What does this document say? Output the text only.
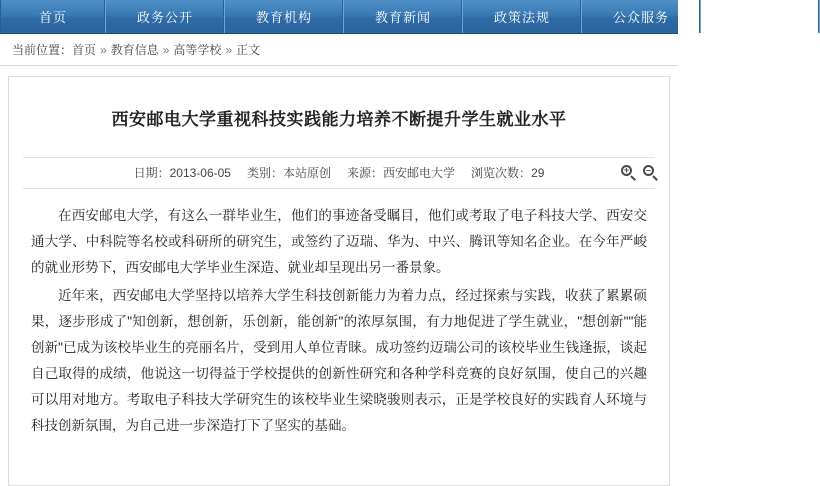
首页	政务公开	教育机构	教育新闻	政策法规	公众服务	政务微博
当前位置：首页 » 教育信息 » 高等学校 » 正文
西安邮电大学重视科技实践能力培养不断提升学生就业水平
日期：2013-06-05 类别：本站原创 来源：西安邮电大学 浏览次数：29
+
–

在西安邮电大学，有这么一群毕业生，他们的事迹备受瞩目，他们或考取了电子科技大学、西安交通大学、中科院等名校或科研所的研究生，或签约了迈瑞、华为、中兴、腾讯等知名企业。在今年严峻的就业形势下，西安邮电大学毕业生深造、就业却呈现出另一番景象。

近年来，西安邮电大学坚持以培养大学生科技创新能力为着力点，经过探索与实践，收获了累累硕果，逐步形成了"知创新，想创新，乐创新，能创新"的浓厚氛围，有力地促进了学生就业，"想创新""能创新"已成为该校毕业生的亮丽名片，受到用人单位青睐。成功签约迈瑞公司的该校毕业生钱逢振，谈起自己取得的成绩，他说这一切得益于学校提供的创新性研究和各种学科竞赛的良好氛围，使自己的兴趣可以用对地方。考取电子科技大学研究生的该校毕业生梁晓骏则表示，正是学校良好的实践育人环境与科技创新氛围，为自己进一步深造打下了坚实的基础。
